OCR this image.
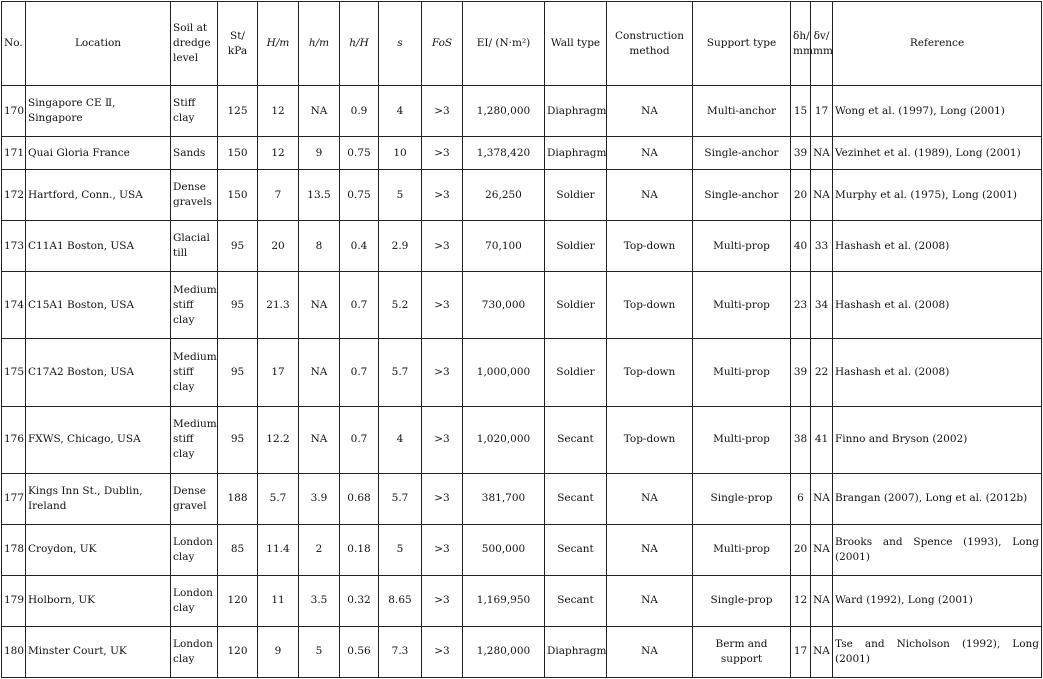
No.	Location	Soil at dredge level	St/ kPa	H/m	h/m	h/H	s	FoS	EI/ (N·m²)	Wall type	Construction method	Support type	δh/ mm	δv/ mm	Reference
170	Singapore CE Ⅱ, Singapore	Stiff clay	125	12	NA	0.9	4	>3	1,280,000	Diaphragm	NA	Multi-anchor	15	17	Wong et al. (1997), Long (2001)
171	Quai Gloria France	Sands	150	12	9	0.75	10	>3	1,378,420	Diaphragm	NA	Single-anchor	39	NA	Vezinhet et al. (1989), Long (2001)
172	Hartford, Conn., USA	Dense gravels	150	7	13.5	0.75	5	>3	26,250	Soldier	NA	Single-anchor	20	NA	Murphy et al. (1975), Long (2001)
173	C11A1 Boston, USA	Glacial till	95	20	8	0.4	2.9	>3	70,100	Soldier	Top-down	Multi-prop	40	33	Hashash et al. (2008)
174	C15A1 Boston, USA	Medium stiff clay	95	21.3	NA	0.7	5.2	>3	730,000	Soldier	Top-down	Multi-prop	23	34	Hashash et al. (2008)
175	C17A2 Boston, USA	Medium stiff clay	95	17	NA	0.7	5.7	>3	1,000,000	Soldier	Top-down	Multi-prop	39	22	Hashash et al. (2008)
176	FXWS, Chicago, USA	Medium stiff clay	95	12.2	NA	0.7	4	>3	1,020,000	Secant	Top-down	Multi-prop	38	41	Finno and Bryson (2002)
177	Kings Inn St., Dublin, Ireland	Dense gravel	188	5.7	3.9	0.68	5.7	>3	381,700	Secant	NA	Single-prop	6	NA	Brangan (2007), Long et al. (2012b)
178	Croydon, UK	London clay	85	11.4	2	0.18	5	>3	500,000	Secant	NA	Multi-prop	20	NA	Brooks and Spence (1993), Long (2001)
179	Holborn, UK	London clay	120	11	3.5	0.32	8.65	>3	1,169,950	Secant	NA	Single-prop	12	NA	Ward (1992), Long (2001)
180	Minster Court, UK	London clay	120	9	5	0.56	7.3	>3	1,280,000	Diaphragm	NA	Berm and support	17	NA	Tse and Nicholson (1992), Long (2001)
